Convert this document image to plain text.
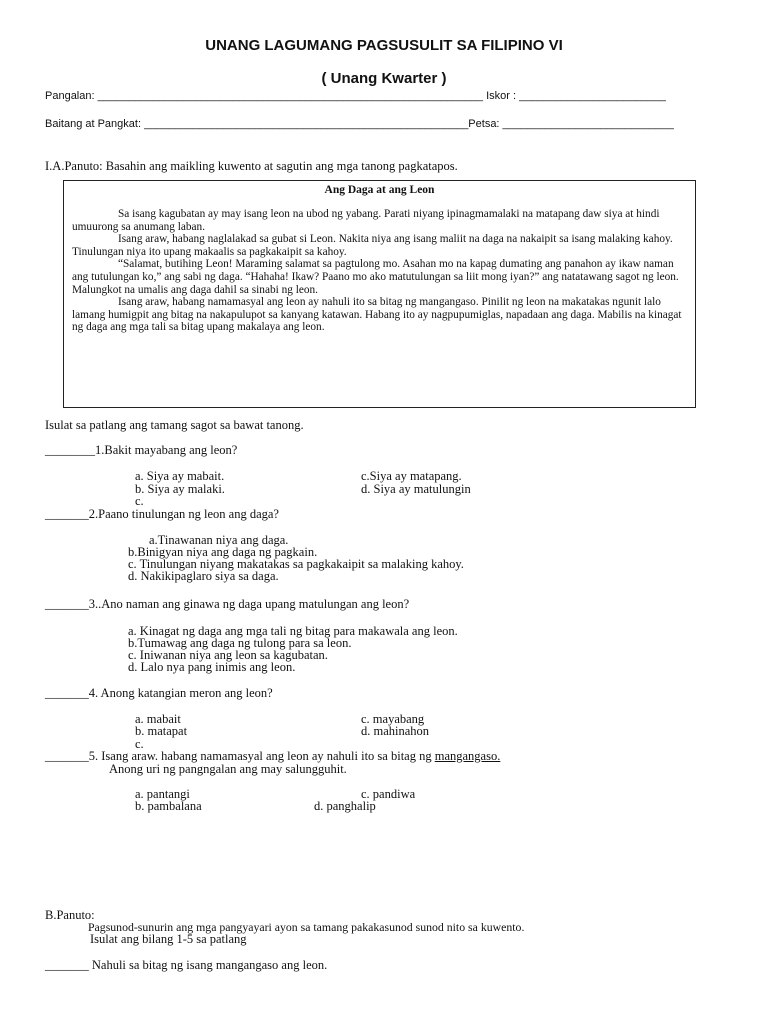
UNANG LAGUMANG PAGSUSULIT SA FILIPINO VI
( Unang Kwarter )
Pangalan: _______________________________________________________________ Iskor : ________________________
Baitang at Pangkat: _____________________________________________________Petsa: ____________________________
I.A.Panuto: Basahin ang maikling kuwento at sagutin ang mga tanong pagkatapos.
Ang Daga at ang Leon

Sa isang kagubatan ay may isang leon na ubod ng yabang. Parati niyang ipinagmamalaki na matapang daw siya at hindi umuurong sa anumang laban.

Isang araw, habang naglalakad sa gubat si Leon. Nakita niya ang isang maliit na daga na nakaipit sa isang malaking kahoy. Tinulungan niya ito upang makaalis sa pagkakaipit sa kahoy.

“Salamat, butihing Leon! Maraming salamat sa pagtulong mo. Asahan mo na kapag dumating ang panahon ay ikaw naman ang tutulungan ko,” ang sabi ng daga. “Hahaha! Ikaw? Paano mo ako matutulungan sa liit mong iyan?” ang natatawang sagot ng leon. Malungkot na umalis ang daga dahil sa sinabi ng leon.

Isang araw, habang namamasyal ang leon ay nahuli ito sa bitag ng mangangaso. Pinilit ng leon na makatakas ngunit lalo lamang humigpit ang bitag na nakapulupot sa kanyang katawan. Habang ito ay nagpupumiglas, napadaan ang daga. Mabilis na kinagat ng daga ang mga tali sa bitag upang makalaya ang leon.

Isulat sa patlang ang tamang sagot sa bawat tanong.
________1.Bakit mayabang ang leon?
a. Siya ay mabait.
b. Siya ay malaki.
c.
c.Siya ay matapang.
d. Siya ay matulungin
_______2.Paano tinulungan ng leon ang daga?
a.Tinawanan niya ang daga.
b.Binigyan niya ang daga ng pagkain.
c. Tinulungan niyang makatakas sa pagkakaipit sa malaking kahoy.
d. Nakikipaglaro siya sa daga.
_______3..Ano naman ang ginawa ng daga upang matulungan ang leon?
a. Kinagat ng daga ang mga tali ng bitag para makawala ang leon.
b.Tumawag ang daga ng tulong para sa leon.
c. Iniwanan niya ang leon sa kagubatan.
d. Lalo nya pang inimis ang leon.
_______4. Anong katangian meron ang leon?
a. mabait
b. matapat
c.
c. mayabang
d. mahinahon
_______5. Isang araw. habang namamasyal ang leon ay nahuli ito sa bitag ng mangangaso.
Anong uri ng pangngalan ang may salungguhit.
a. pantangi
b. pambalana
c. pandiwa
d. panghalip
B.Panuto:
Pagsunod-sunurin ang mga pangyayari ayon sa tamang pakakasunod sunod nito sa kuwento.
Isulat ang bilang 1-5 sa patlang
_______ Nahuli sa bitag ng isang mangangaso ang leon.
